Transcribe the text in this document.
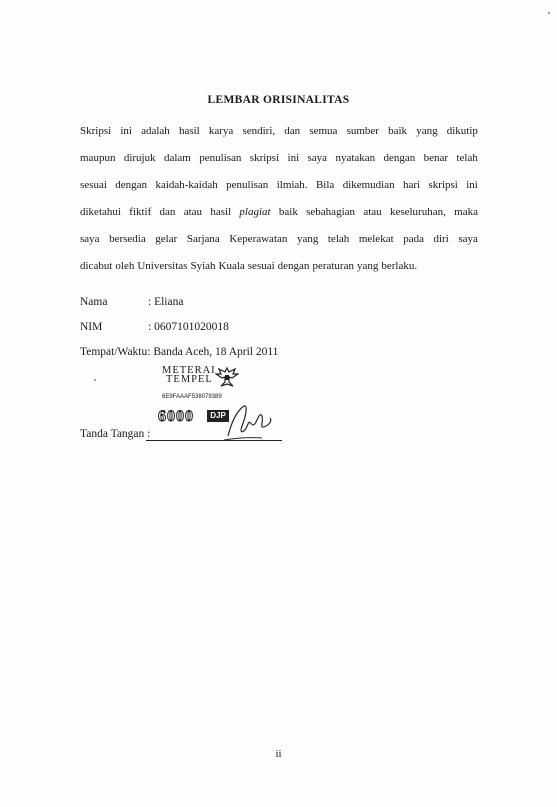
LEMBAR ORISINALITAS
Skripsi ini adalah hasil karya sendiri, dan semua sumber baik yang dikutip
maupun dirujuk dalam penulisan skripsi ini saya nyatakan dengan benar telah
sesuai dengan kaidah-kaidah penulisan ilmiah. Bila dikemudian hari skripsi ini
diketahui fiktif dan atau hasil plagiat baik sebahagian atau keseluruhan, maka
saya bersedia gelar Sarjana Keperawatan yang telah melekat pada diri saya
dicabut oleh Universitas Syiah Kuala sesuai dengan peraturan yang berlaku.
Nama	: Eliana
NIM	: 0607101020018
Tempat/Waktu: Banda Aceh, 18 April 2011
METERAI
TEMPEL
6E9FAAAF538079389
6000	DJP
Tanda Tangan :
ii
